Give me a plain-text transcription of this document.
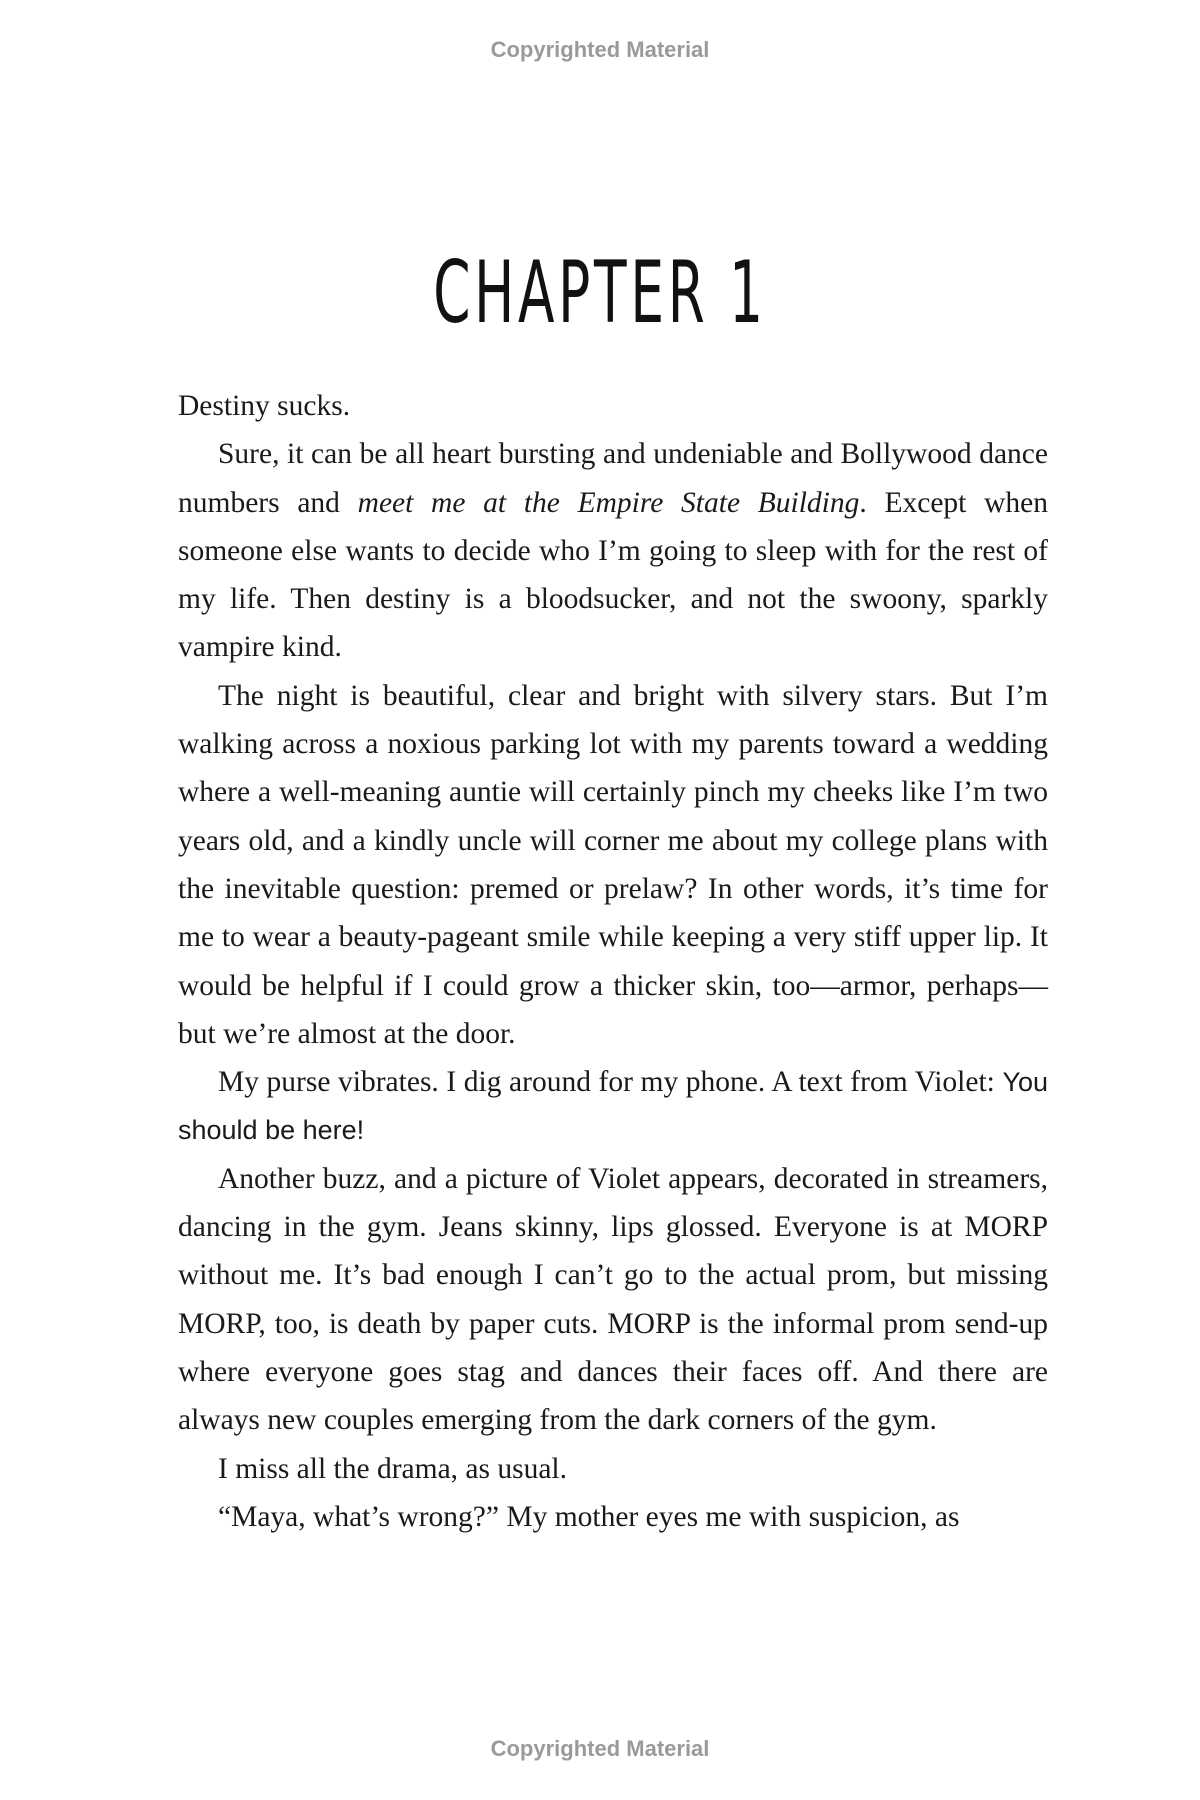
Copyrighted Material
CHAPTER 1

Destiny sucks.

Sure, it can be all heart bursting and undeniable and Bollywood dance numbers and meet me at the Empire State Building. Except when someone else wants to decide who I’m going to sleep with for the rest of my life. Then destiny is a bloodsucker, and not the swoony, sparkly vampire kind.

The night is beautiful, clear and bright with silvery stars. But I’m walking across a noxious parking lot with my parents toward a wedding where a well-meaning auntie will certainly pinch my cheeks like I’m two years old, and a kindly uncle will corner me about my college plans with the inevitable question: premed or prelaw? In other words, it’s time for me to wear a beauty-pageant smile while keeping a very stiff upper lip. It would be helpful if I could grow a thicker skin, too—armor, perhaps—but we’re almost at the door.

My purse vibrates. I dig around for my phone. A text from Violet: You should be here!

Another buzz, and a picture of Violet appears, decorated in streamers, dancing in the gym. Jeans skinny, lips glossed. Everyone is at MORP without me. It’s bad enough I can’t go to the actual prom, but missing MORP, too, is death by paper cuts. MORP is the informal prom send-up where everyone goes stag and dances their faces off. And there are always new couples emerging from the dark corners of the gym.

I miss all the drama, as usual.

“Maya, what’s wrong?” My mother eyes me with suspicion, as

Copyrighted Material
